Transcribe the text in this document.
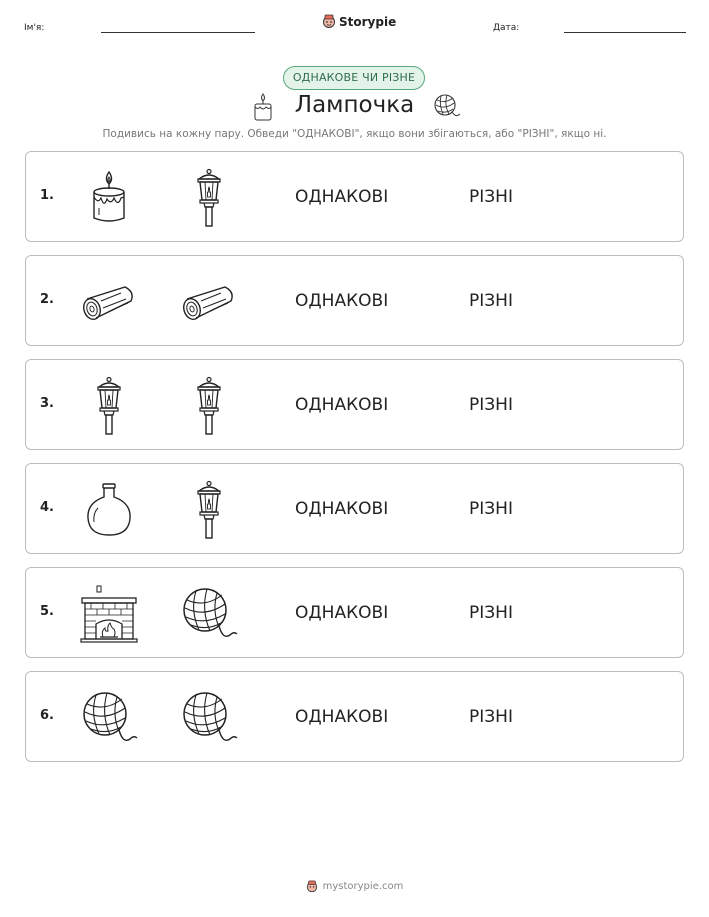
Ім'я:	Storypie	Дата:
ОДНАКОВЕ ЧИ РІЗНЕ
Лампочка
Подивись на кожну пару. Обведи "ОДНАКОВІ", якщо вони збігаються, або "РІЗНІ", якщо ні.
1.	ОДНАКОВІ	РІЗНІ
2.	ОДНАКОВІ	РІЗНІ
3.	ОДНАКОВІ	РІЗНІ
4.	ОДНАКОВІ	РІЗНІ
5.	ОДНАКОВІ	РІЗНІ
6.	ОДНАКОВІ	РІЗНІ
mystorypie.com
